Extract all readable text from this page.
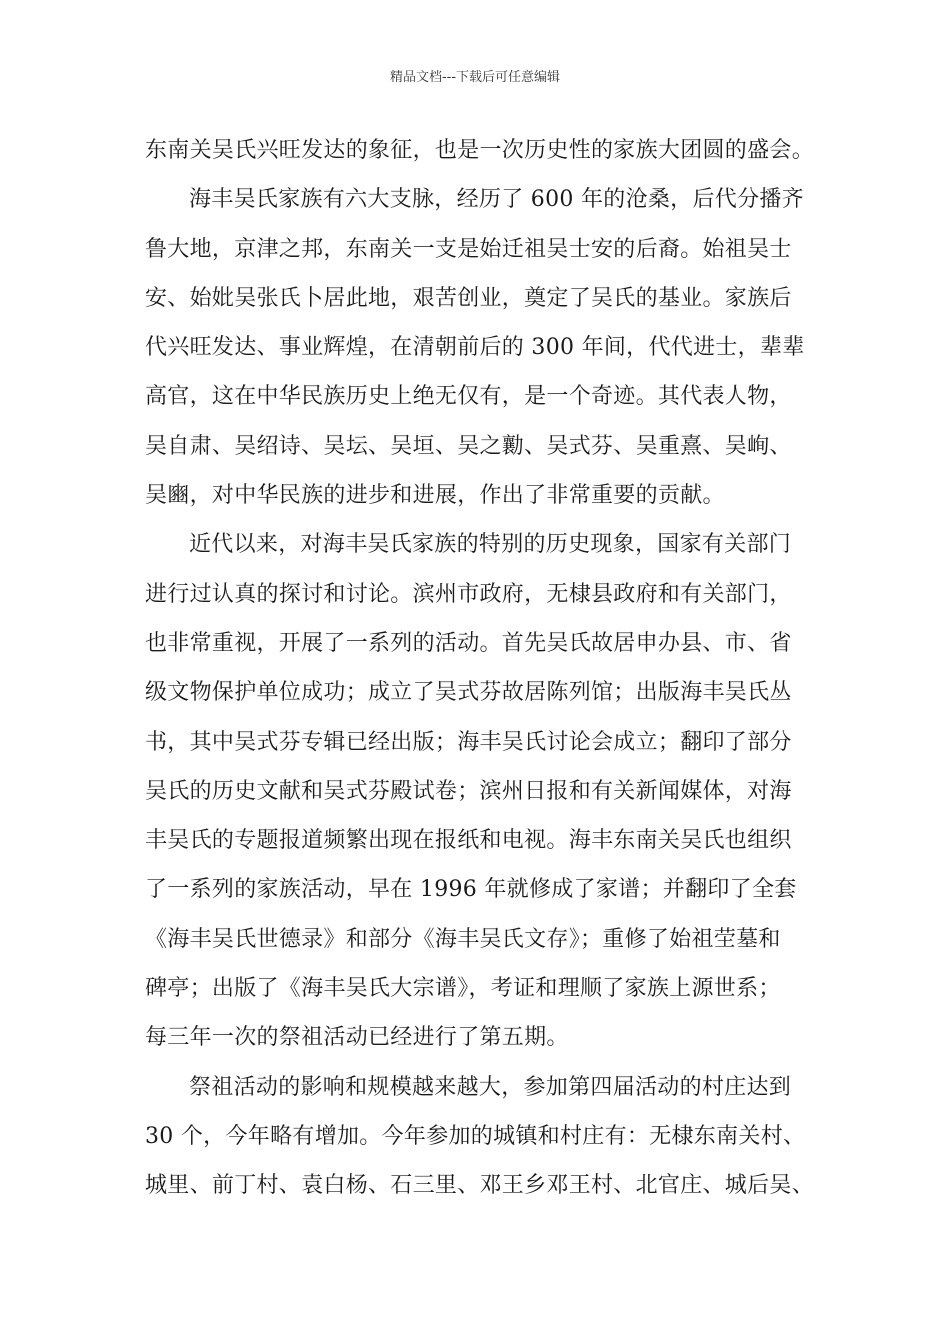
精品文档---下载后可任意编辑
东南关吴氏兴旺发达的象征，也是一次历史性的家族大团圆的盛会。
海丰吴氏家族有六大支脉，经历了 600 年的沧桑，后代分播齐
鲁大地，京津之邦，东南关一支是始迁祖吴士安的后裔。始祖吴士
安、始妣吴张氏卜居此地，艰苦创业，奠定了吴氏的基业。家族后
代兴旺发达、事业辉煌，在清朝前后的 300 年间，代代进士，辈辈
高官，这在中华民族历史上绝无仅有，是一个奇迹。其代表人物，
吴自肃、吴绍诗、吴坛、吴垣、吴之勷、吴式芬、吴重熹、吴峋、
吴豳，对中华民族的进步和进展，作出了非常重要的贡献。
近代以来，对海丰吴氏家族的特别的历史现象，国家有关部门
进行过认真的探讨和讨论。滨州市政府，无棣县政府和有关部门，
也非常重视，开展了一系列的活动。首先吴氏故居申办县、市、省
级文物保护单位成功；成立了吴式芬故居陈列馆；出版海丰吴氏丛
书，其中吴式芬专辑已经出版；海丰吴氏讨论会成立；翻印了部分
吴氏的历史文献和吴式芬殿试卷；滨州日报和有关新闻媒体，对海
丰吴氏的专题报道频繁出现在报纸和电视。海丰东南关吴氏也组织
了一系列的家族活动，早在 1996 年就修成了家谱；并翻印了全套
《海丰吴氏世德录》和部分《海丰吴氏文存》；重修了始祖茔墓和
碑亭；出版了《海丰吴氏大宗谱》，考证和理顺了家族上源世系；
每三年一次的祭祖活动已经进行了第五期。
祭祖活动的影响和规模越来越大，参加第四届活动的村庄达到
30 个，今年略有增加。今年参加的城镇和村庄有：无棣东南关村、
城里、前丁村、袁白杨、石三里、邓王乡邓王村、北官庄、城后吴、
